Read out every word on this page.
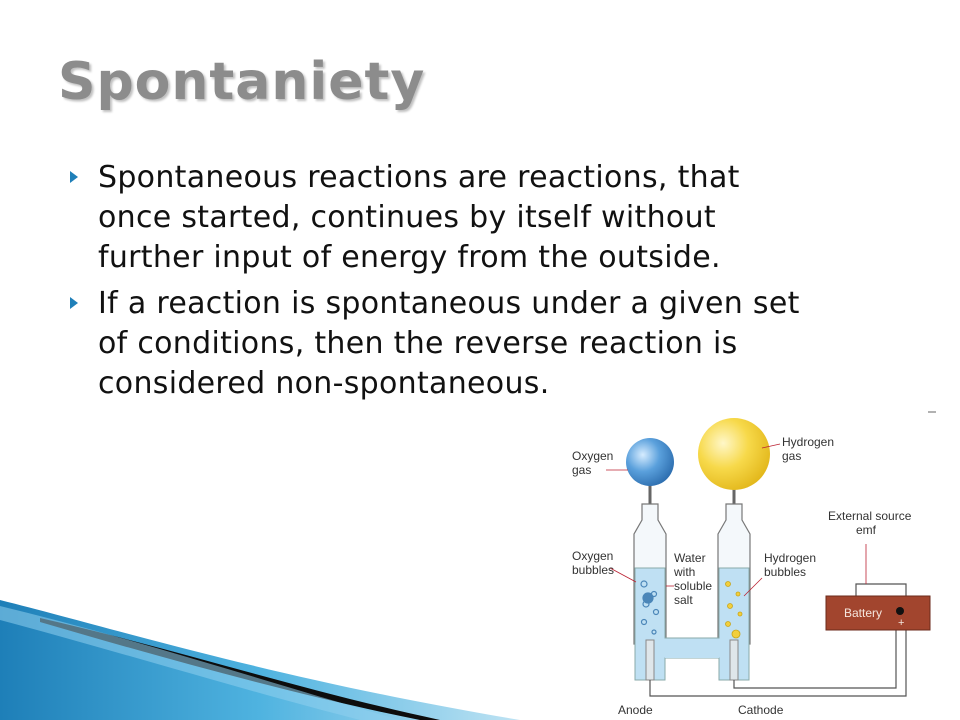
Spontaniety
Spontaneous reactions are reactions, that
once started, continues by itself without
further input of energy from the outside.
If a reaction is spontaneous under a given set
of conditions, then the reverse reaction is
considered non-spontaneous.
Battery
+
Oxygen
gas
Hydrogen
gas
Oxygen
bubbles
Water
with
soluble
salt
Hydrogen
bubbles
External source
emf
Anode	Cathode
